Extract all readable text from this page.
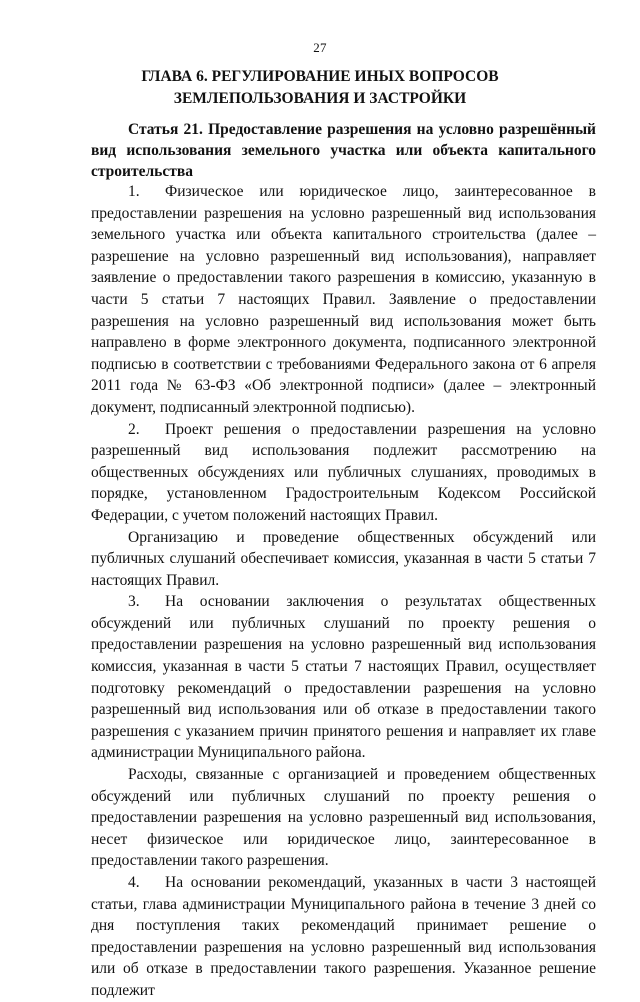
27
ГЛАВА 6. РЕГУЛИРОВАНИЕ ИНЫХ ВОПРОСОВ
ЗЕМЛЕПОЛЬЗОВАНИЯ И ЗАСТРОЙКИ

Статья 21. Предоставление разрешения на условно разрешённый вид использования земельного участка или объекта капитального строительства

1. Физическое или юридическое лицо, заинтересованное в предоставлении разрешения на условно разрешенный вид использования земельного участка или объекта капитального строительства (далее – разрешение на условно разрешенный вид использования), направляет заявление о предоставлении такого разрешения в комиссию, указанную в части 5 статьи 7 настоящих Правил. Заявление о предоставлении разрешения на условно разрешенный вид использования может быть направлено в форме электронного документа, подписанного электронной подписью в соответствии с требованиями Федерального закона от 6 апреля 2011 года № 63-ФЗ «Об электронной подписи» (далее – электронный документ, подписанный электронной подписью).

2. Проект решения о предоставлении разрешения на условно разрешенный вид использования подлежит рассмотрению на общественных обсуждениях или публичных слушаниях, проводимых в порядке, установленном Градостроительным Кодексом Российской Федерации, с учетом положений настоящих Правил.

Организацию и проведение общественных обсуждений или публичных слушаний обеспечивает комиссия, указанная в части 5 статьи 7 настоящих Правил.

3. На основании заключения о результатах общественных обсуждений или публичных слушаний по проекту решения о предоставлении разрешения на условно разрешенный вид использования комиссия, указанная в части 5 статьи 7 настоящих Правил, осуществляет подготовку рекомендаций о предоставлении разрешения на условно разрешенный вид использования или об отказе в предоставлении такого разрешения с указанием причин принятого решения и направляет их главе администрации Муниципального района.

Расходы, связанные с организацией и проведением общественных обсуждений или публичных слушаний по проекту решения о предоставлении разрешения на условно разрешенный вид использования, несет физическое или юридическое лицо, заинтересованное в предоставлении такого разрешения.

4. На основании рекомендаций, указанных в части 3 настоящей статьи, глава администрации Муниципального района в течение 3 дней со дня поступления таких рекомендаций принимает решение о предоставлении разрешения на условно разрешенный вид использования или об отказе в предоставлении такого разрешения. Указанное решение подлежит
